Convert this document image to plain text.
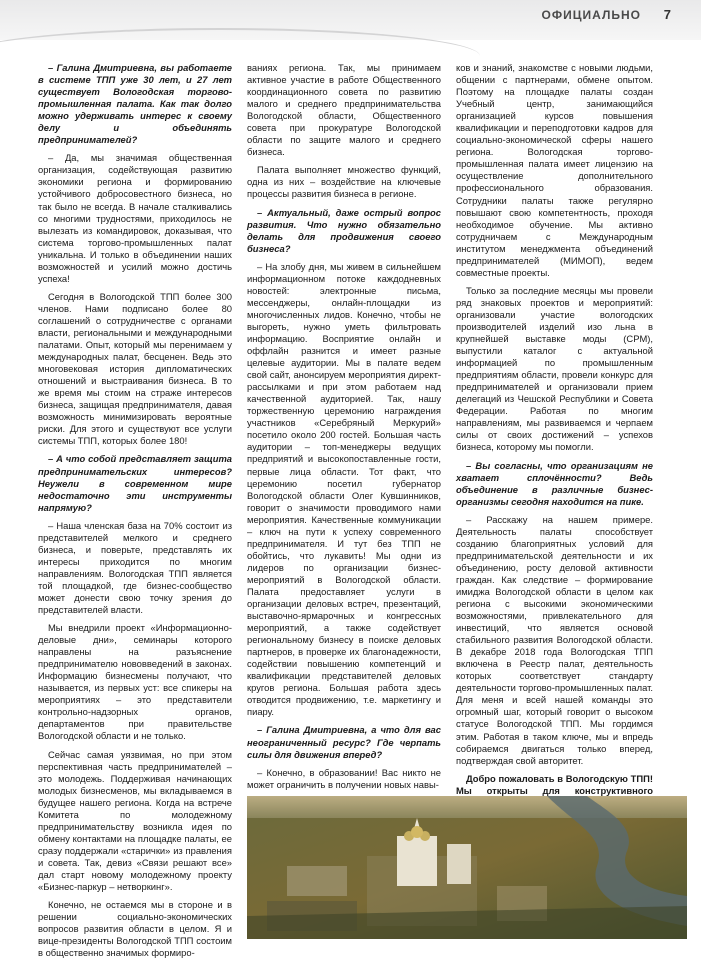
ОФИЦИАЛЬНО 7

– Галина Дмитриевна, вы работаете в системе ТПП уже 30 лет, и 27 лет существует Вологодская торгово-промышленная палата. Как так долго можно удерживать интерес к своему делу и объединять предпринимателей?

– Да, мы значимая общественная организация, содействующая развитию экономики региона и формированию устойчивого добросовестного бизнеса, но так было не всегда. В начале сталкивались со многими трудностями, приходилось не вылезать из командировок, доказывая, что система торгово-промышленных палат уникальна. И только в объединении наших возможностей и усилий можно достичь успеха!

Сегодня в Вологодской ТПП более 300 членов. Нами подписано более 80 соглашений о сотрудничестве с органами власти, региональными и международными палатами. Опыт, который мы перенимаем у международных палат, бесценен. Ведь это многовековая история дипломатических отношений и выстраивания бизнеса. В то же время мы стоим на страже интересов бизнеса, защищая предпринимателя, давая возможность минимизировать вероятные риски. Для этого и существуют все услуги системы ТПП, которых более 180!

– А что собой представляет защита предпринимательских интересов? Неужели в современном мире недостаточно эти инструменты напрямую?

– Наша членская база на 70% состоит из представителей мелкого и среднего бизнеса, и поверьте, представлять их интересы приходится по многим направлениям. Вологодская ТПП является той площадкой, где бизнес-сообщество может донести свою точку зрения до представителей власти.

Мы внедрили проект «Информационно-деловые дни», семинары которого направлены на разъяснение предпринимателю нововведений в законах. Информацию бизнесмены получают, что называется, из первых уст: все спикеры на мероприятиях – это представители контрольно-надзорных органов, департаментов при правительстве Вологодской области и не только.

Сейчас самая уязвимая, но при этом перспективная часть предпринимателей – это молодежь. Поддерживая начинающих молодых бизнесменов, мы вкладываемся в будущее нашего региона. Когда на встрече Комитета по молодежному предпринимательству возникла идея по обмену контактами на площадке палаты, ее сразу поддержали «старички» из правления и совета. Так, девиз «Связи решают все» дал старт новому молодежному проекту «Бизнес-паркур – нетворкинг».

Конечно, не остаемся мы в стороне и в решении социально-экономических вопросов развития области в целом. Я и вице-президенты Вологодской ТПП состоим в общественно значимых формиро-

ваниях региона. Так, мы принимаем активное участие в работе Общественного координационного совета по развитию малого и среднего предпринимательства Вологодской области, Общественного совета при прокуратуре Вологодской области по защите малого и среднего бизнеса.

Палата выполняет множество функций, одна из них – воздействие на ключевые процессы развития бизнеса в регионе.

– Актуальный, даже острый вопрос развития. Что нужно обязательно делать для продвижения своего бизнеса?

– На злобу дня, мы живем в сильнейшем информационном потоке каждодневных новостей: электронные письма, мессенджеры, онлайн-площадки из многочисленных лидов. Конечно, чтобы не выгореть, нужно уметь фильтровать информацию. Восприятие онлайн и оффлайн разнится и имеет разные целевые аудитории. Мы в палате ведем свой сайт, анонсируем мероприятия директ-рассылками и при этом работаем над качественной аудиторией. Так, нашу торжественную церемонию награждения участников «Серебряный Меркурий» посетило около 200 гостей. Большая часть аудитории – топ-менеджеры ведущих предприятий и высокопоставленные гости, первые лица области. Тот факт, что церемонию посетил губернатор Вологодской области Олег Кувшинников, говорит о значимости проводимого нами мероприятия. Качественные коммуникации – ключ на пути к успеху современного предпринимателя. И тут без ТПП не обойтись, что лукавить! Мы одни из лидеров по организации бизнес-мероприятий в Вологодской области. Палата предоставляет услуги в организации деловых встреч, презентаций, выставочно-ярмарочных и конгрессных мероприятий, а также содействует региональному бизнесу в поиске деловых партнеров, в проверке их благонадежности, содействии повышению компетенций и квалификации представителей деловых кругов региона. Большая работа здесь отводится продвижению, т.е. маркетингу и пиару.

– Галина Дмитриевна, а что для вас неограниченный ресурс? Где черпать силы для движения вперед?

– Конечно, в образовании! Вас никто не может ограничить в получении новых навы-

ков и знаний, знакомстве с новыми людьми, общении с партнерами, обмене опытом. Поэтому на площадке палаты создан Учебный центр, занимающийся организацией курсов повышения квалификации и переподготовки кадров для социально-экономической сферы нашего региона. Вологодская торгово-промышленная палата имеет лицензию на осуществление дополнительного профессионального образования. Сотрудники палаты также регулярно повышают свою компетентность, проходя необходимое обучение. Мы активно сотрудничаем с Международным институтом менеджмента объединений предпринимателей (МИМОП), ведем совместные проекты.

Только за последние месяцы мы провели ряд знаковых проектов и мероприятий: организовали участие вологодских производителей изделий изо льна в крупнейшей выставке моды (CPM), выпустили каталог с актуальной информацией по промышленным предприятиям области, провели конкурс для предпринимателей и организовали прием делегаций из Чешской Республики и Совета Федерации. Работая по многим направлениям, мы развиваемся и черпаем силы от своих достижений – успехов бизнеса, которому мы помогли.

– Вы согласны, что организациям не хватает сплочённости? Ведь объединение в различные бизнес-организмы сегодня находится на пике.

– Расскажу на нашем примере. Деятельность палаты способствует созданию благоприятных условий для предпринимательской деятельности и их объединению, росту деловой активности граждан. Как следствие – формирование имиджа Вологодской области в целом как региона с высокими экономическими возможностями, привлекательного для инвестиций, что является основой стабильного развития Вологодской области. В декабре 2018 года Вологодская ТПП включена в Реестр палат, деятельность которых соответствует стандарту деятельности торгово-промышленных палат. Для меня и всей нашей команды это огромный шаг, который говорит о высоком статусе Вологодской ТПП. Мы гордимся этим. Работая в таком ключе, мы и впредь собираемся двигаться только вперед, подтверждая свой авторитет.

Добро пожаловать в Вологодскую ТПП! Мы открыты для конструктивного
